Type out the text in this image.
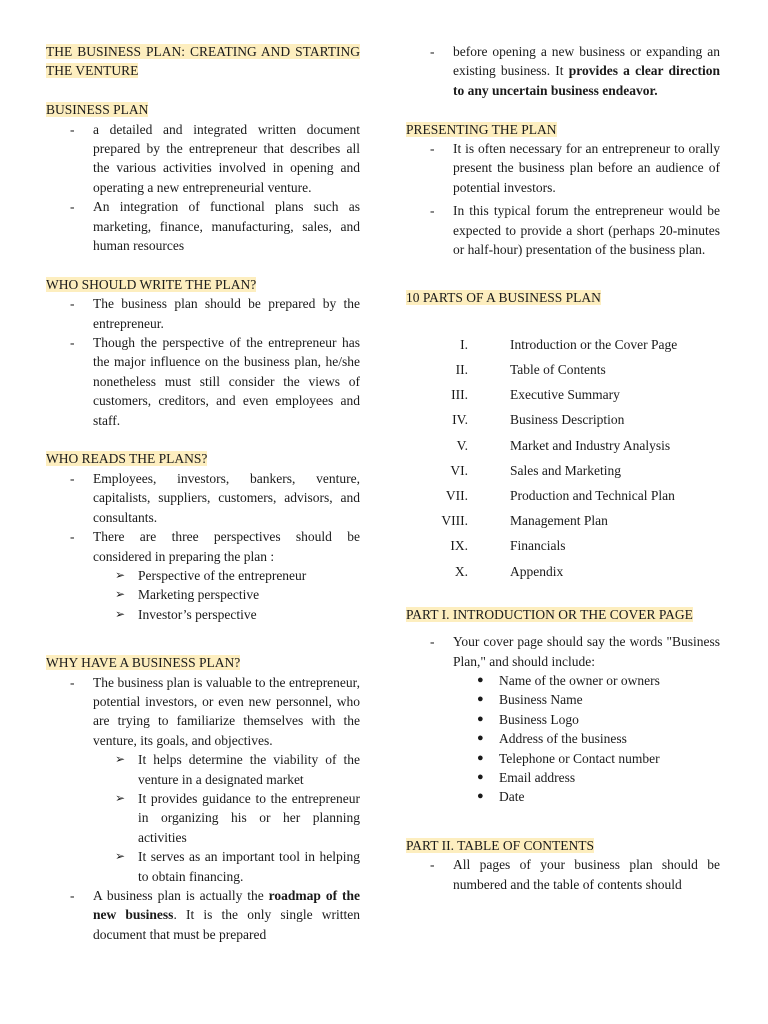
THE BUSINESS PLAN: CREATING AND STARTING THE VENTURE

BUSINESS PLAN

- a detailed and integrated written document prepared by the entrepreneur that describes all the various activities involved in opening and operating a new entrepreneurial venture.

- An integration of functional plans such as marketing, finance, manufacturing, sales, and human resources

WHO SHOULD WRITE THE PLAN?

- The business plan should be prepared by the entrepreneur.

- Though the perspective of the entrepreneur has the major influence on the business plan, he/she nonetheless must still consider the views of customers, creditors, and even employees and staff.

WHO READS THE PLANS?

- Employees, investors, bankers, venture, capitalists, suppliers, customers, advisors, and consultants.

- There are three perspectives should be considered in preparing the plan :

➢ Perspective of the entrepreneur

➢ Marketing perspective

➢ Investor’s perspective

WHY HAVE A BUSINESS PLAN?

- The business plan is valuable to the entrepreneur, potential investors, or even new personnel, who are trying to familiarize themselves with the venture, its goals, and objectives.

➢ It helps determine the viability of the venture in a designated market

➢ It provides guidance to the entrepreneur in organizing his or her planning activities

➢ It serves as an important tool in helping to obtain financing.

- A business plan is actually the roadmap of the new business. It is the only single written document that must be prepared

- before opening a new business or expanding an existing business. It provides a clear direction to any uncertain business endeavor.

PRESENTING THE PLAN

- It is often necessary for an entrepreneur to orally present the business plan before an audience of potential investors.

- In this typical forum the entrepreneur would be expected to provide a short (perhaps 20-minutes or half-hour) presentation of the business plan.

10 PARTS OF A BUSINESS PLAN

I.	Introduction or the Cover Page
II.	Table of Contents
III.	Executive Summary
IV.	Business Description
V.	Market and Industry Analysis
VI.	Sales and Marketing
VII.	Production and Technical Plan
VIII.	Management Plan
IX.	Financials
X.	Appendix

PART I. INTRODUCTION OR THE COVER PAGE

- Your cover page should say the words "Business Plan," and should include:

● Name of the owner or owners

● Business Name

● Business Logo

● Address of the business

● Telephone or Contact number

● Email address

● Date

PART II. TABLE OF CONTENTS

- All pages of your business plan should be numbered and the table of contents should
